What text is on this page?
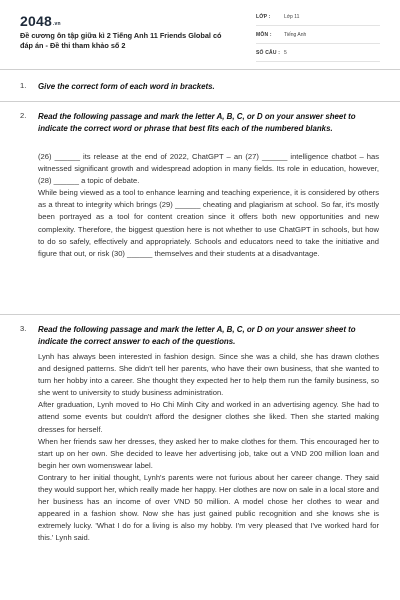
2048.vn
Đề cương ôn tập giữa kì 2 Tiếng Anh 11 Friends Global có đáp án - Đề thi tham khảo số 2
LỚP :	Lớp 11
MÔN : Tiếng Anh
SỐ CÂU : 5
1. Give the correct form of each word in brackets.
2. Read the following passage and mark the letter A, B, C, or D on your answer sheet to indicate the correct word or phrase that best fits each of the numbered blanks.

(26) ______ its release at the end of 2022, ChatGPT – an (27) ______ intelligence chatbot – has witnessed significant growth and widespread adoption in many fields. Its role in education, however, (28) ______ a topic of debate.

While being viewed as a tool to enhance learning and teaching experience, it is considered by others as a threat to integrity which brings (29) ______ cheating and plagiarism at school. So far, it's mostly been portrayed as a tool for content creation since it offers both new opportunities and new complexity. Therefore, the biggest question here is not whether to use ChatGPT in schools, but how to do so safely, effectively and appropriately. Schools and educators need to take the initiative and figure that out, or risk (30) ______ themselves and their students at a disadvantage.

3. Read the following passage and mark the letter A, B, C, or D on your answer sheet to indicate the correct answer to each of the questions.

Lynh has always been interested in fashion design. Since she was a child, she has drawn clothes and designed patterns. She didn't tell her parents, who have their own business, that she wanted to turn her hobby into a career. She thought they expected her to help them run the family business, so she went to university to study business administration.

After graduation, Lynh moved to Ho Chi Minh City and worked in an advertising agency. She had to attend some events but couldn't afford the designer clothes she liked. Then she started making dresses for herself.

When her friends saw her dresses, they asked her to make clothes for them. This encouraged her to start up on her own. She decided to leave her advertising job, take out a VND 200 million loan and begin her own womenswear label.

Contrary to her initial thought, Lynh's parents were not furious about her career change. They said they would support her, which really made her happy. Her clothes are now on sale in a local store and her business has an income of over VND 50 million. A model chose her clothes to wear and appeared in a fashion show. Now she has just gained public recognition and she knows she is extremely lucky. 'What I do for a living is also my hobby. I'm very pleased that I've worked hard for this.' Lynh said.
